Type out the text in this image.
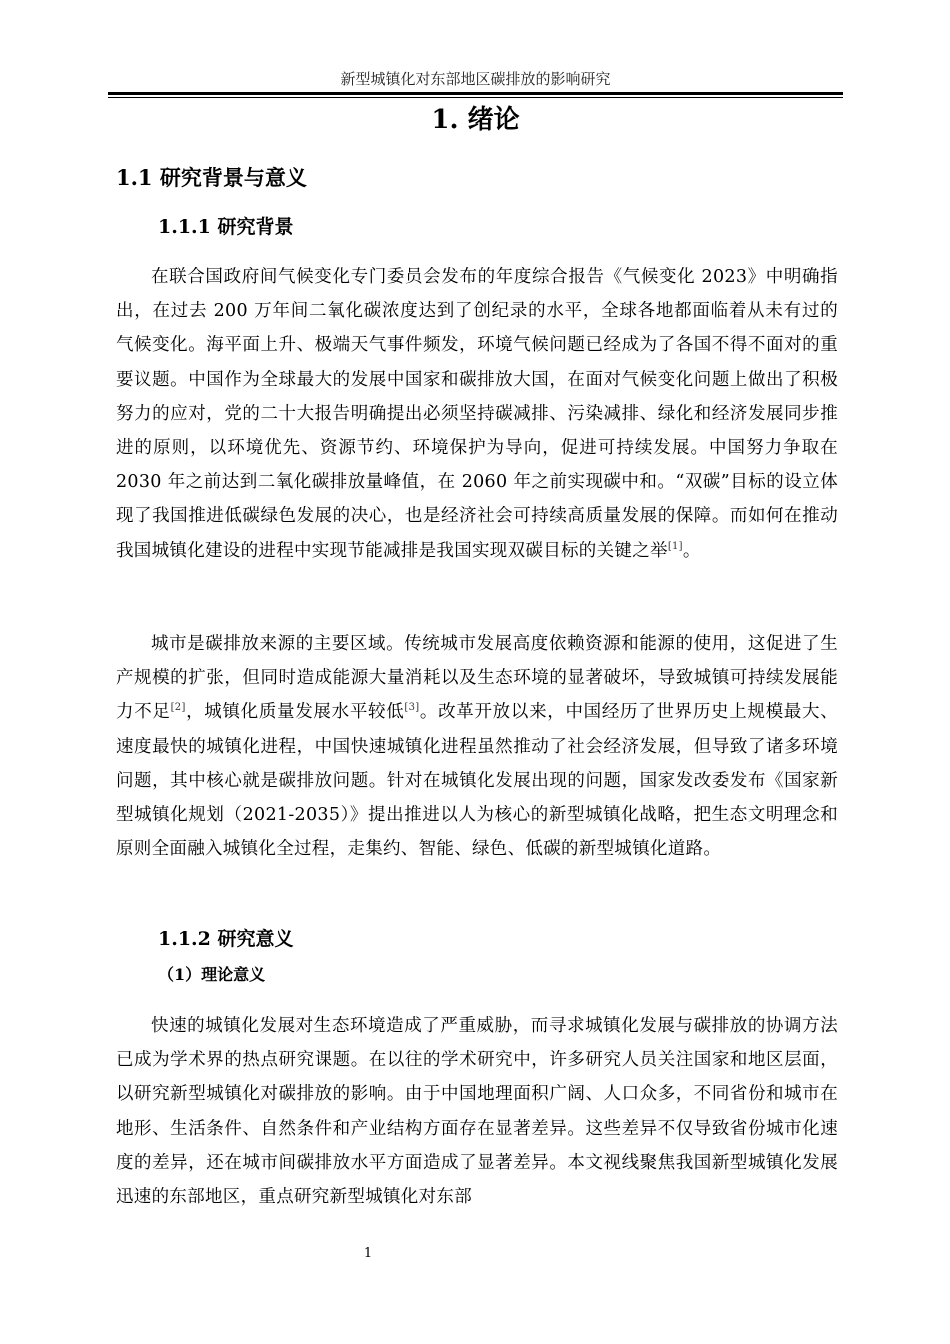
新型城镇化对东部地区碳排放的影响研究
1. 绪论
1.1 研究背景与意义
1.1.1 研究背景

在联合国政府间气候变化专门委员会发布的年度综合报告《气候变化 2023》中明确指出，在过去 200 万年间二氧化碳浓度达到了创纪录的水平，全球各地都面临着从未有过的气候变化。海平面上升、极端天气事件频发，环境气候问题已经成为了各国不得不面对的重要议题。中国作为全球最大的发展中国家和碳排放大国，在面对气候变化问题上做出了积极努力的应对，党的二十大报告明确提出必须坚持碳减排、污染减排、绿化和经济发展同步推进的原则，以环境优先、资源节约、环境保护为导向，促进可持续发展。中国努力争取在 2030 年之前达到二氧化碳排放量峰值，在 2060 年之前实现碳中和。“双碳”目标的设立体现了我国推进低碳绿色发展的决心，也是经济社会可持续高质量发展的保障。而如何在推动我国城镇化建设的进程中实现节能减排是我国实现双碳目标的关键之举[1]。

城市是碳排放来源的主要区域。传统城市发展高度依赖资源和能源的使用，这促进了生产规模的扩张，但同时造成能源大量消耗以及生态环境的显著破坏，导致城镇可持续发展能力不足[2]，城镇化质量发展水平较低[3]。改革开放以来，中国经历了世界历史上规模最大、速度最快的城镇化进程，中国快速城镇化进程虽然推动了社会经济发展，但导致了诸多环境问题，其中核心就是碳排放问题。针对在城镇化发展出现的问题，国家发改委发布《国家新型城镇化规划（2021-2035）》提出推进以人为核心的新型城镇化战略，把生态文明理念和原则全面融入城镇化全过程，走集约、智能、绿色、低碳的新型城镇化道路。

1.1.2 研究意义
（1）理论意义

快速的城镇化发展对生态环境造成了严重威胁，而寻求城镇化发展与碳排放的协调方法已成为学术界的热点研究课题。在以往的学术研究中，许多研究人员关注国家和地区层面，以研究新型城镇化对碳排放的影响。由于中国地理面积广阔、人口众多，不同省份和城市在地形、生活条件、自然条件和产业结构方面存在显著差异。这些差异不仅导致省份城市化速度的差异，还在城市间碳排放水平方面造成了显著差异。本文视线聚焦我国新型城镇化发展迅速的东部地区，重点研究新型城镇化对东部

1
